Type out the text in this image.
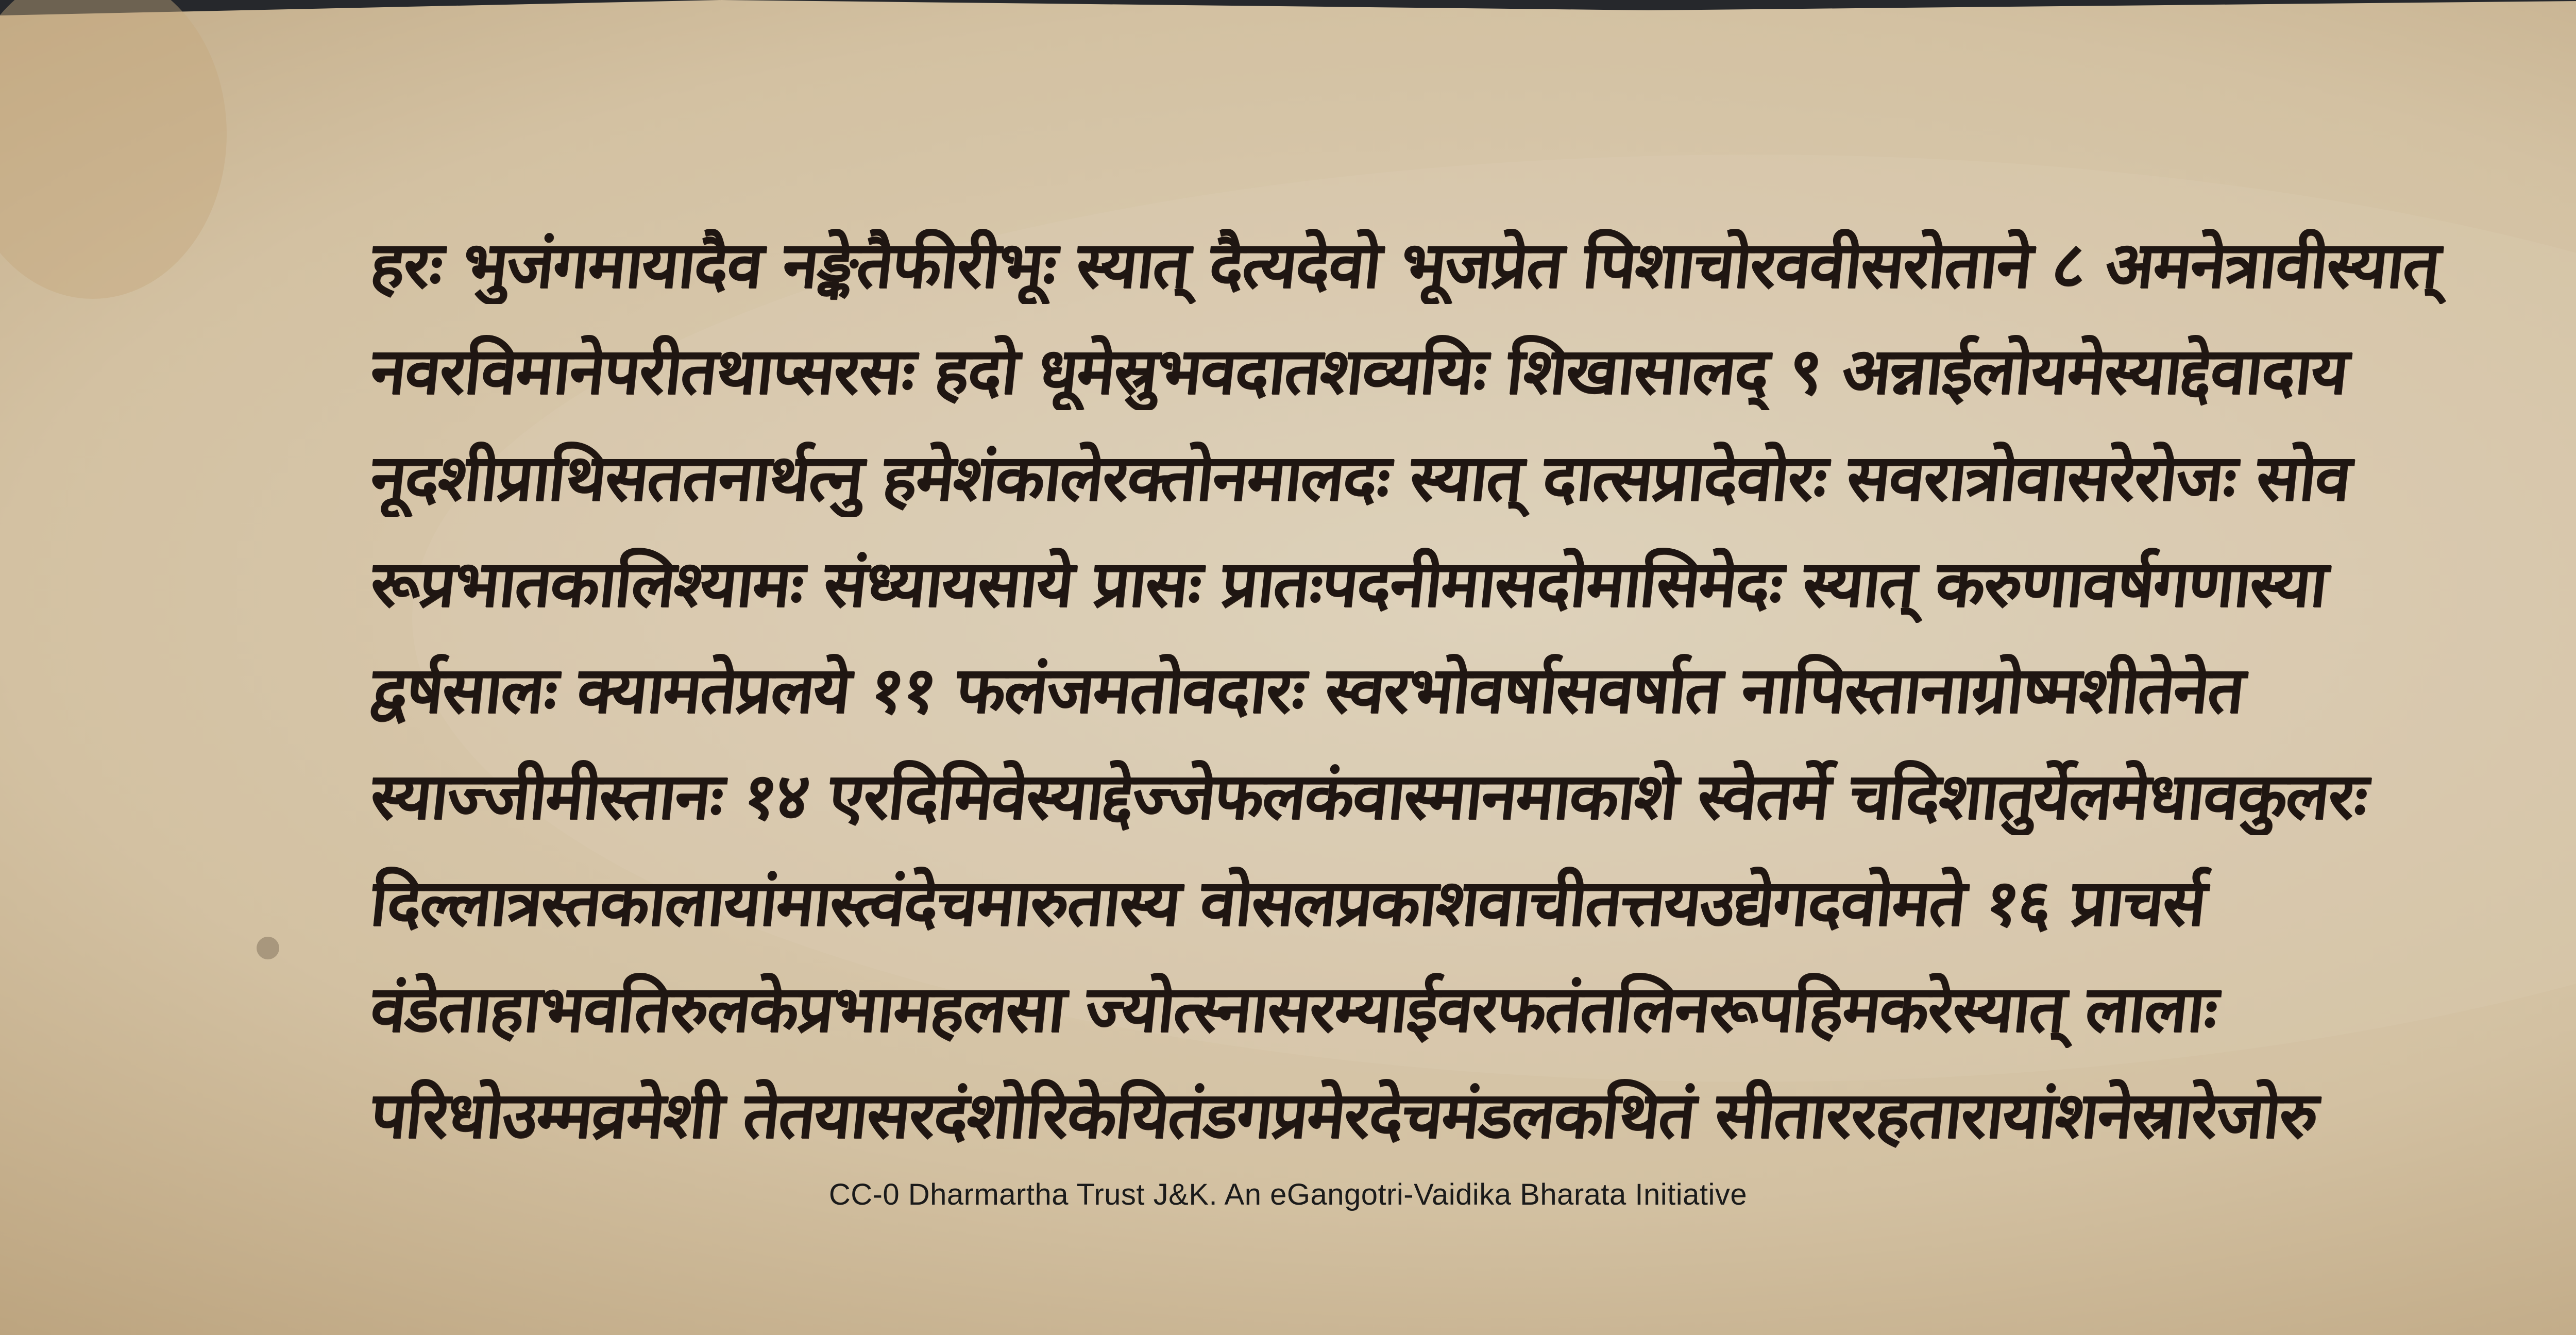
हरः भुजंगमायादैव नङ्केतैफीरीभूः स्यात् दैत्यदेवो भूजप्रेत पिशाचोरववीसरोताने ८ अमनेत्रावीस्यात्
नवरविमानेपरीतथाप्सरसः हदो धूमेस्रुभवदातशव्ययिः शिखासालद् ९ अन्नाईलोयमेस्याद्देवादाय
नूदशीप्राथिसततनार्थत्नु हमेशंकालेरक्तोनमालदः स्यात् दात्सप्रादेवोरः सवरात्रोवासरेरोजः सोव
रूप्रभातकालिश्यामः संध्यायसाये प्रासः प्रातःपदनीमासदोमासिमेदः स्यात् करुणावर्षगणास्या
द्वर्षसालः क्यामतेप्रलये ११ फलंजमतोवदारः स्वरभोवर्षासवर्षात नापिस्तानाग्रोष्मशीतेनेत
स्याज्जीमीस्तानः १४ एरदिमिवेस्याद्देज्जेफलकंवास्मानमाकाशे स्वेतर्मे चदिशातुर्येलमेधावकुलरः
दिल्लात्रस्तकालायांमास्त्वंदेचमारुतास्य वोसलप्रकाशवाचीतत्तयउद्येगदवोमते १६ प्राचर्स
वंडेताहाभवतिरुलकेप्रभामहलसा ज्योत्स्नासरम्याईवरफतंतलिनरूपहिमकरेस्यात् लालाः
परिधोउम्मव्रमेशी तेतयासरदंशोरिकेयितंडगप्रमेरदेचमंडलकथितं सीताररहतारायांशनेस्रारेजोरु
CC-0 Dharmartha Trust J&K. An eGangotri-Vaidika Bharata Initiative
